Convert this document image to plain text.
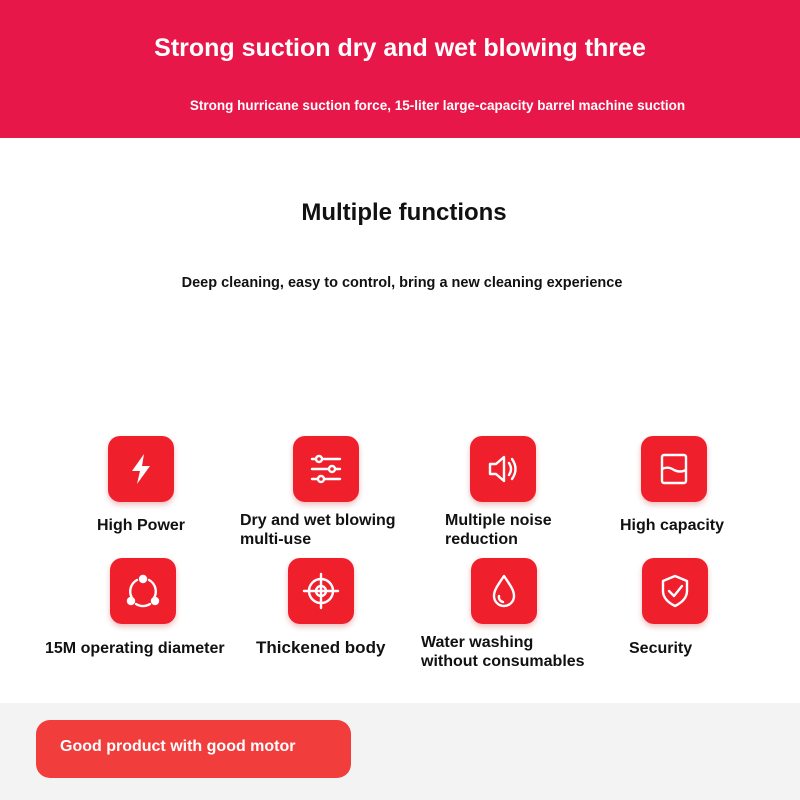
Strong suction dry and wet blowing three
Strong hurricane suction force, 15-liter large-capacity barrel machine suction
Multiple functions
Deep cleaning, easy to control, bring a new cleaning experience
High Power	Dry and wet blowing
multi-use
Multiple noise
reduction
High capacity
15M operating diameter Thickened body Water washing
without consumables
Security
Good product with good motor
